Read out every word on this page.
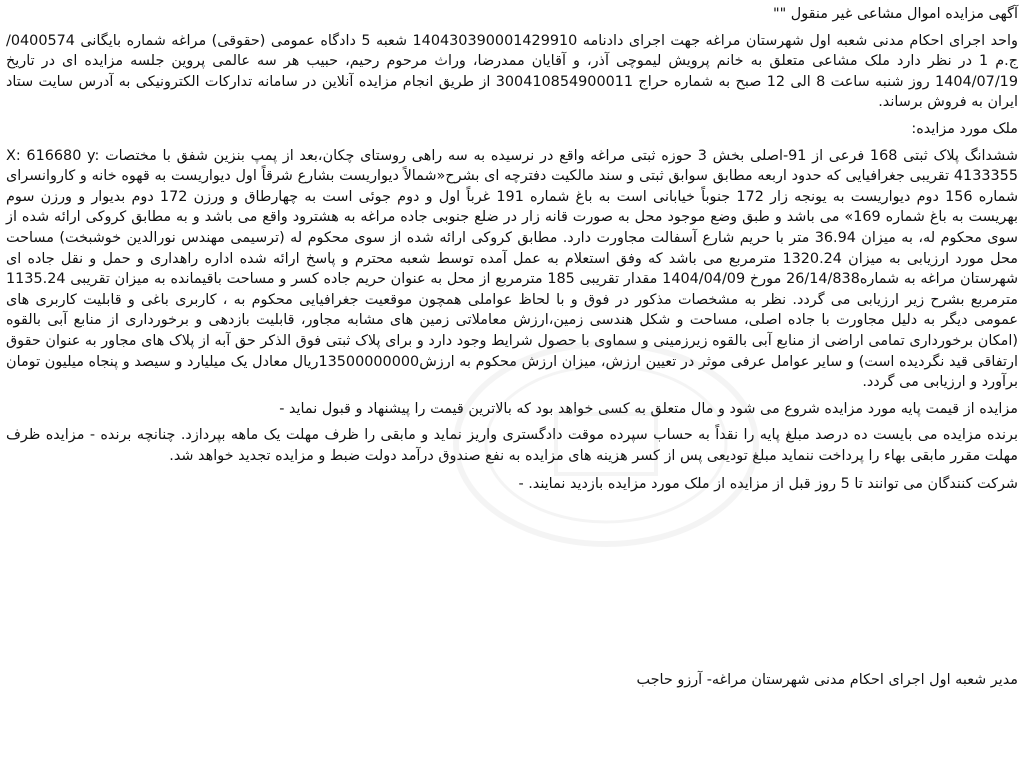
آگهی مزایده اموال مشاعی غیر منقول ""

واحد اجرای احکام مدنی شعبه اول شهرستان مراغه جهت اجرای دادنامه 140430390001429910 شعبه 5 دادگاه عمومی (حقوقی) مراغه شماره بایگانی 0400574/ج.م 1 در نظر دارد ملک مشاعی متعلق به خانم پرویش لیموچی آذر، و آقایان ممدرضا، وراث مرحوم رحیم، حبیب هر سه عالمی پروین جلسه مزایده ای در تاریخ 1404/07/19 روز شنبه ساعت 8 الی 12 صبح به شماره حراج 300410854900011 از طریق انجام مزایده آنلاین در سامانه تدارکات الکترونیکی به آدرس سایت ستاد ایران به فروش برساند.

ملک مورد مزایده:

ششدانگ پلاک ثبتی 168 فرعی از 91-اصلی بخش 3 حوزه ثبتی مراغه واقع در نرسیده به سه راهی روستای چکان،بعد از پمپ بنزین شفق با مختصات X: 616680 y: 4133355 تقریبی جغرافیایی که حدود اربعه مطابق سوابق ثبتی و سند مالکیت دفترچه ای بشرح«شمالاً دیواریست بشارع شرقاً اول دیواریست به قهوه خانه و کاروانسرای شماره 156 دوم دیواریست به یونجه زار 172 جنوباً خیابانی است به باغ شماره 191 غرباً اول و دوم جوئی است به چهارطاق و ورزن 172 دوم بدیوار و ورزن سوم بهریست به باغ شماره 169» می باشد و طبق وضع موجود محل به صورت قانه زار در ضلع جنوبی جاده مراغه به هشترود واقع می باشد و به مطابق کروکی ارائه شده از سوی محکوم له، به میزان 36.94 متر با حریم شارع آسفالت مجاورت دارد. مطابق کروکی ارائه شده از سوی محکوم له (ترسیمی مهندس نورالدین خوشبخت) مساحت محل مورد ارزیابی به میزان 1320.24 مترمربع می باشد که وفق استعلام به عمل آمده توسط شعبه محترم و پاسخ ارائه شده اداره راهداری و حمل و نقل جاده ای شهرستان مراغه به شماره26/14/838 مورخ 1404/04/09 مقدار تقریبی 185 مترمربع از محل به عنوان حریم جاده کسر و مساحت باقیمانده به میزان تقریبی 1135.24 مترمربع بشرح زیر ارزیابی می گردد. نظر به مشخصات مذکور در فوق و با لحاظ عواملی همچون موقعیت جغرافیایی محکوم به ، کاربری باغی و قابلیت کاربری های عمومی دیگر به دلیل مجاورت با جاده اصلی، مساحت و شکل هندسی زمین،ارزش معاملاتی زمین های مشابه مجاور، قابلیت بازدهی و برخورداری از منابع آبی بالقوه (امکان برخورداری تمامی اراضی از منابع آبی بالقوه زیرزمینی و سماوی با حصول شرایط وجود دارد و برای پلاک ثبتی فوق الذکر حق آبه از پلاک های مجاور به عنوان حقوق ارتفاقی قید نگردیده است) و سایر عوامل عرفی موثر در تعیین ارزش، میزان ارزش محکوم به ارزش13500000000ریال معادل یک میلیارد و سیصد و پنجاه میلیون تومان برآورد و ارزیابی می گردد.

مزایده از قیمت پایه مورد مزایده شروع می شود و مال متعلق به کسی خواهد بود که بالاترین قیمت را پیشنهاد و قبول نماید -

برنده مزایده می بایست ده درصد مبلغ پایه را نقداً به حساب سپرده موقت دادگستری واریز نماید و مابقی را ظرف مهلت یک ماهه بپردازد. چنانچه برنده - مزایده ظرف مهلت مقرر مابقی بهاء را پرداخت ننماید مبلغ تودیعی پس از کسر هزینه های مزایده به نفع صندوق درآمد دولت ضبط و مزایده تجدید خواهد شد.

شرکت کنندگان می توانند تا 5 روز قبل از مزایده از ملک مورد مزایده بازدید نمایند. -

مدیر شعبه اول اجرای احکام مدنی شهرستان مراغه- آرزو حاجب
